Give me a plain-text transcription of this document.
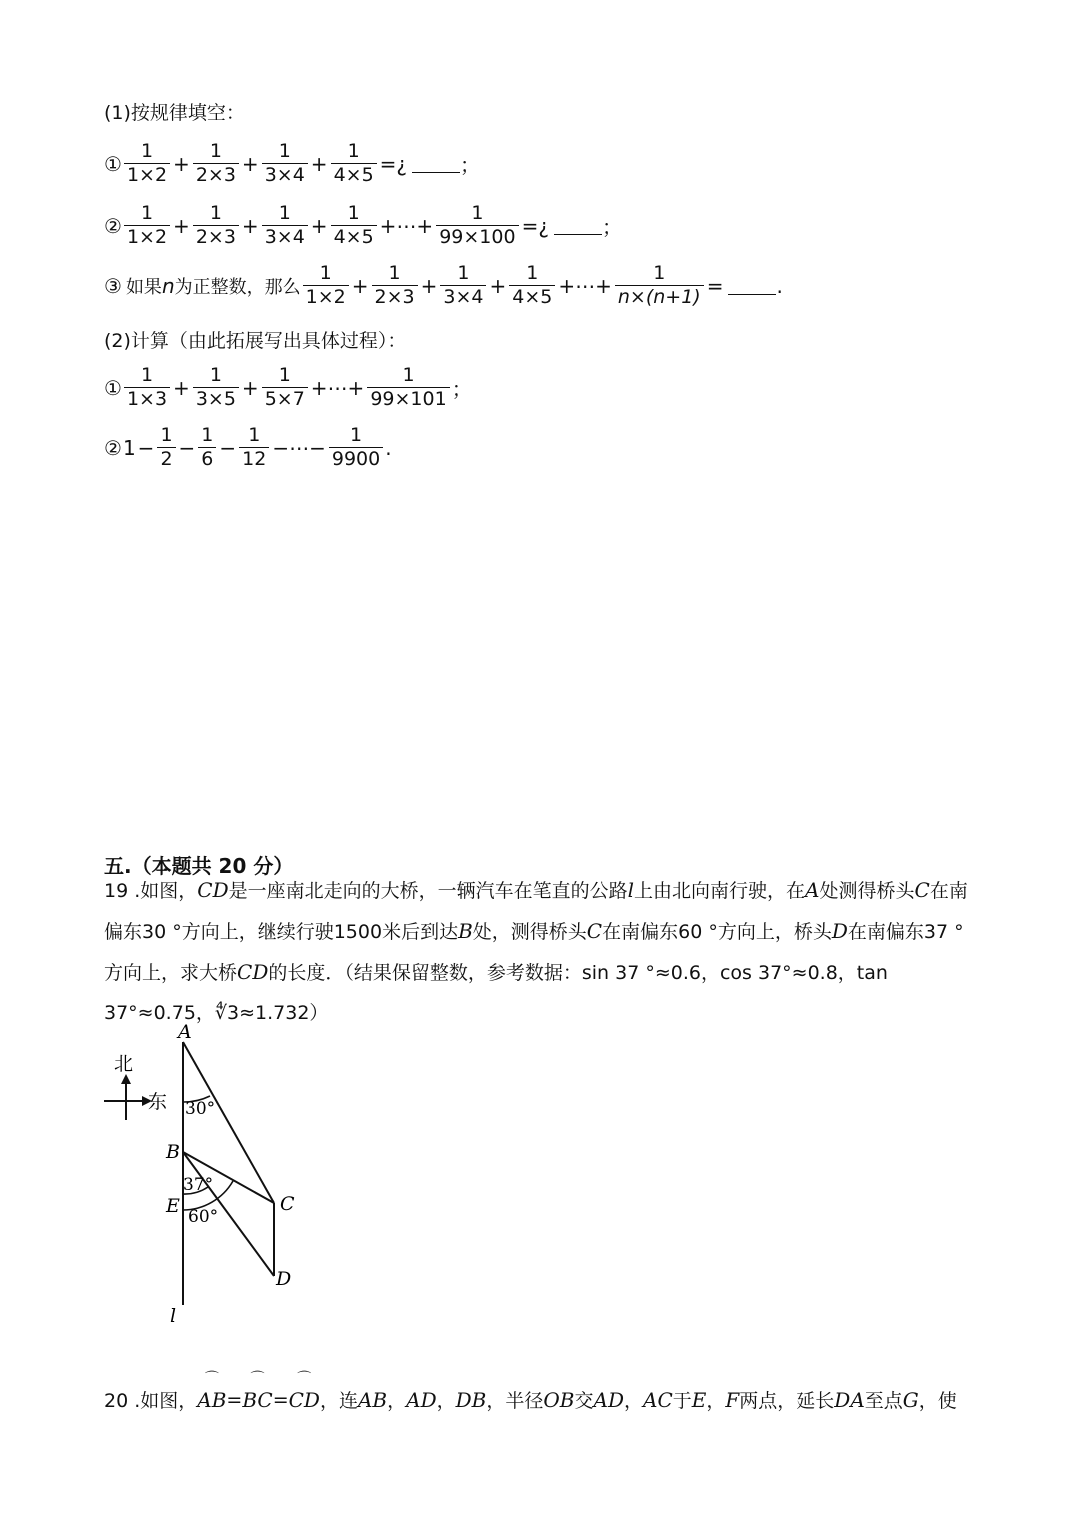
(1)按规律填空：
① $\frac{1}{1\times 2} + \frac{1}{2\times 3} + \frac{1}{3\times 4} + \frac{1}{4\times 5}$ =¿	；
② $\frac{1}{1\times 2} + \frac{1}{2\times 3} + \frac{1}{3\times 4} + \frac{1}{4\times 5}$ +⋯+ $\frac{1}{99\times 100}$ =¿	；
③ 如果 n 为正整数，那么 $\frac{1}{1\times 2} + \frac{1}{2\times 3} + \frac{1}{3\times 4} + \frac{1}{4\times 5}$ +⋯+ $\frac{1}{n\times(n+1)}$ =	.
(2)计算（由此拓展写出具体过程）：
① $\frac{1}{1\times 3} + \frac{1}{3\times 5} + \frac{1}{5\times 7}$ +⋯+ $\frac{1}{99\times 101}$ ；
② $1 - \frac{1}{2} - \frac{1}{6} - \frac{1}{12}$ −⋯− $\frac{1}{9900}$ .
五.（本题共 20 分）
19 .如图，CD是一座南北走向的大桥，一辆汽车在笔直的公路l上由北向南行驶，在A处测得桥头C在南偏东30 °方向上，继续行驶1500米后到达B处，测得桥头C在南偏东60 °方向上，桥头D在南偏东37 °方向上，求大桥CD的长度．（结果保留整数，参考数据：sin 37 °≈0.6，cos 37°≈0.8，tan 37°≈0.75，∜3≈1.732）
北
东
A
B
C
D
E
l
30°
37°
60°
20 .如图， ⌒ AB = ⌒ BC = ⌒ CD ，连 AB ， AD ， DB ，半径 OB 交 AD ， AC 于 E ， F 两点，延长 DA 至点 G ，使
